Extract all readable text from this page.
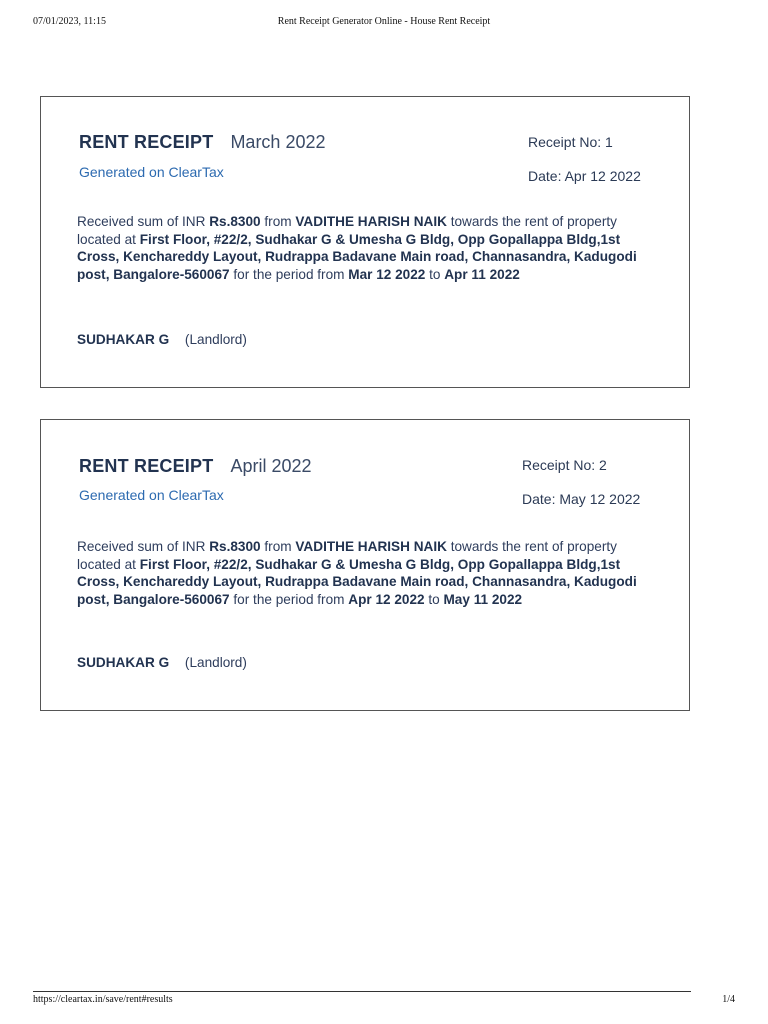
07/01/2023, 11:15	Rent Receipt Generator Online - House Rent Receipt
RENT RECEIPT March 2022
Generated on ClearTax
Receipt No: 1
Date: Apr 12 2022
Received sum of INR Rs.8300 from VADITHE HARISH NAIK towards the rent of property located at First Floor, #22/2, Sudhakar G & Umesha G Bldg, Opp Gopallappa Bldg,1st Cross, Kenchareddy Layout, Rudrappa Badavane Main road, Channasandra, Kadugodi post, Bangalore-560067 for the period from Mar 12 2022 to Apr 11 2022
SUDHAKAR G (Landlord)
RENT RECEIPT April 2022
Generated on ClearTax
Receipt No: 2
Date: May 12 2022
Received sum of INR Rs.8300 from VADITHE HARISH NAIK towards the rent of property located at First Floor, #22/2, Sudhakar G & Umesha G Bldg, Opp Gopallappa Bldg,1st Cross, Kenchareddy Layout, Rudrappa Badavane Main road, Channasandra, Kadugodi post, Bangalore-560067 for the period from Apr 12 2022 to May 11 2022
SUDHAKAR G (Landlord)
https://cleartax.in/save/rent#results	1/4
